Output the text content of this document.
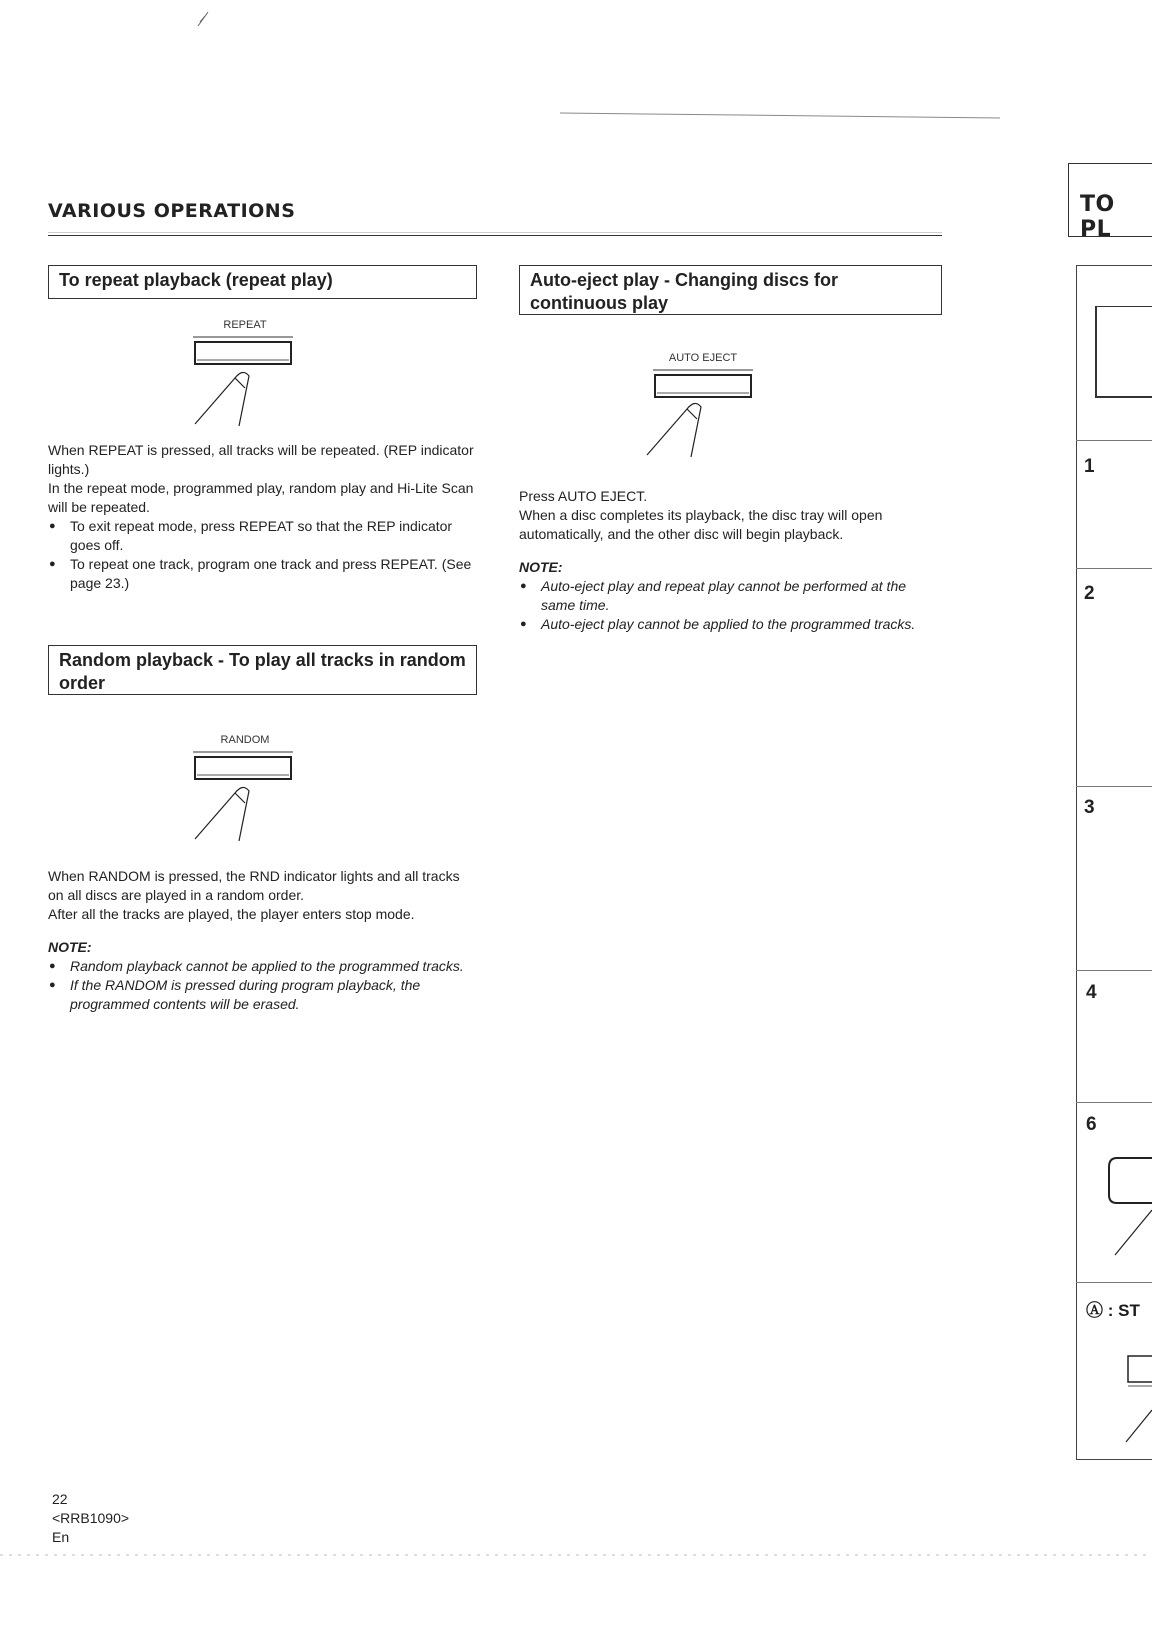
VARIOUS OPERATIONS
To repeat playback (repeat play)
REPEAT

When REPEAT is pressed, all tracks will be repeated. (REP indicator lights.)

In the repeat mode, programmed play, random play and Hi-Lite Scan will be repeated.

● To exit repeat mode, press REPEAT so that the REP indicator goes off.
● To repeat one track, program one track and press REPEAT. (See page 23.)
Random playback - To play all tracks in random order
RANDOM

When RANDOM is pressed, the RND indicator lights and all tracks on all discs are played in a random order.

After all the tracks are played, the player enters stop mode.

NOTE:
● Random playback cannot be applied to the programmed tracks.
● If the RANDOM is pressed during program playback, the programmed contents will be erased.
Auto-eject play - Changing discs for continuous play
AUTO EJECT

Press AUTO EJECT.

When a disc completes its playback, the disc tray will open automatically, and the other disc will begin playback.

NOTE:
● Auto-eject play and repeat play cannot be performed at the same time.
● Auto-eject play cannot be applied to the programmed tracks.
22
<RRB1090>
En
TO PL
1
2
3
4
6
Ⓐ : ST
